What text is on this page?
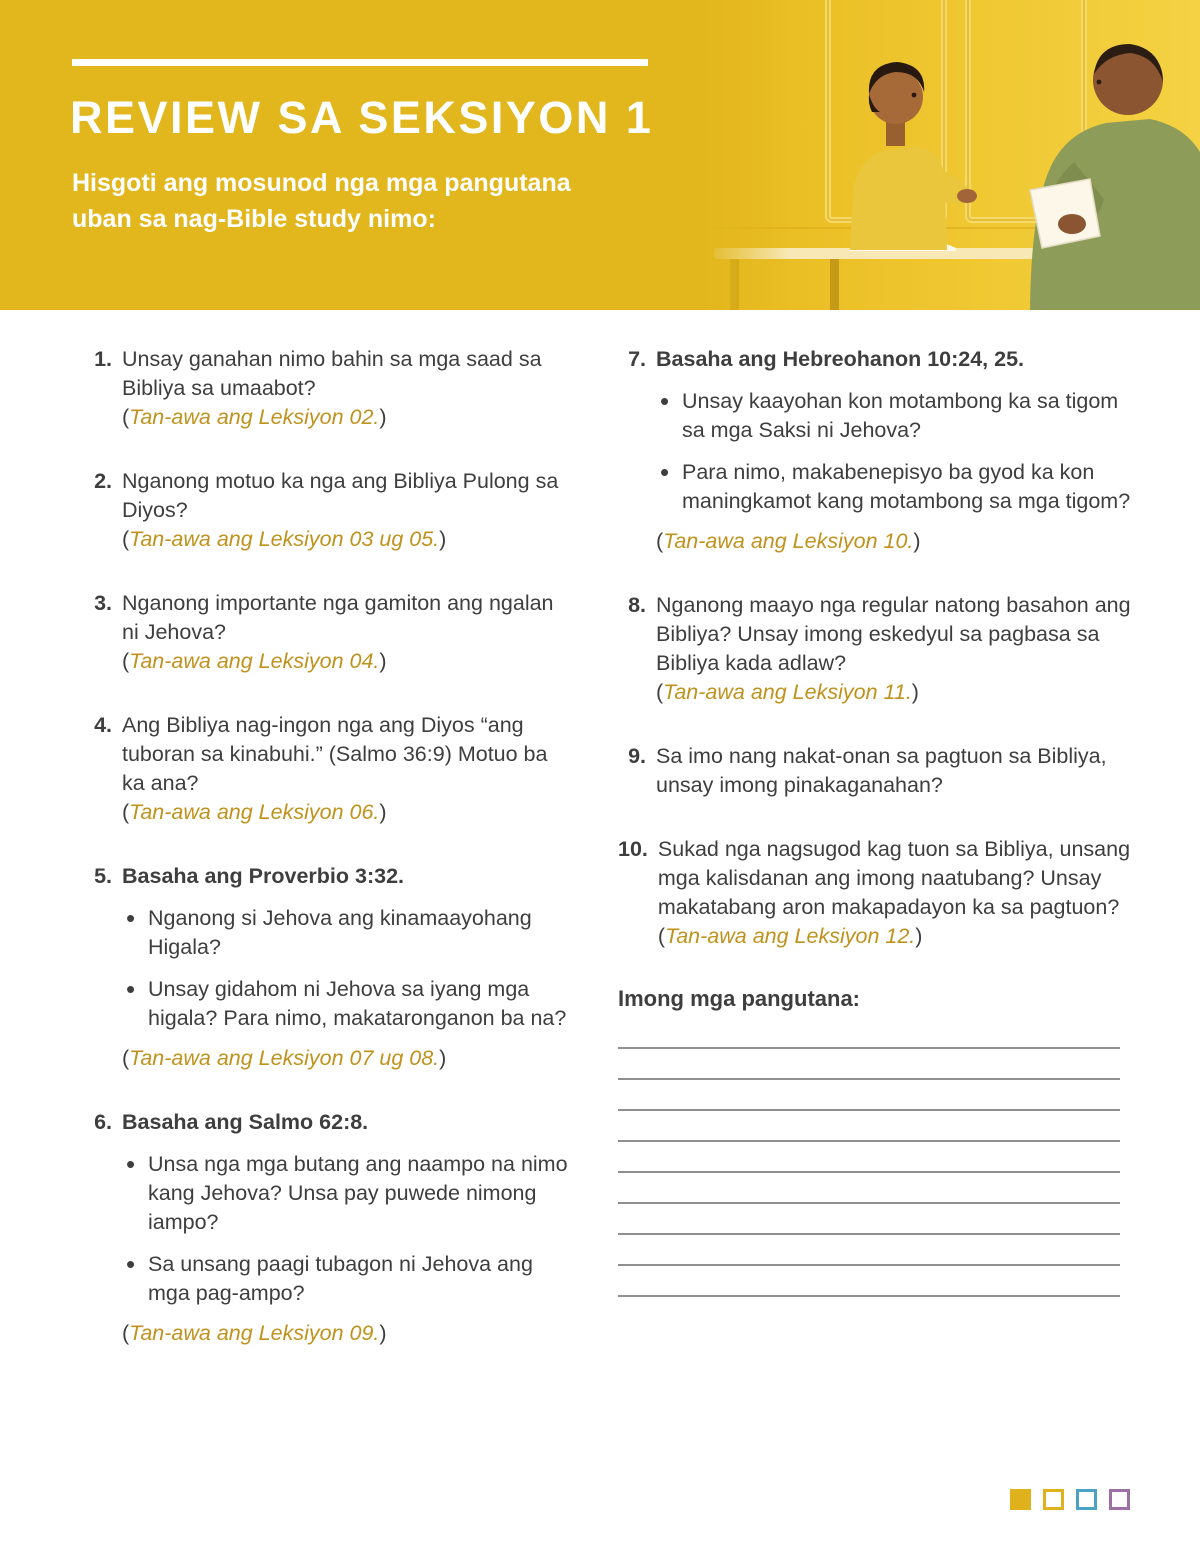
REVIEW SA SEKSIYON 1

Hisgoti ang mosunod nga mga pangutana uban sa nag-Bible study nimo:

1. Unsay ganahan nimo bahin sa mga saad sa Bibliya sa umaabot?

(Tan-awa ang Leksiyon 02.)

2. Nganong motuo ka nga ang Bibliya Pulong sa Diyos?

(Tan-awa ang Leksiyon 03 ug 05.)

3. Nganong importante nga gamiton ang ngalan ni Jehova?

(Tan-awa ang Leksiyon 04.)

4. Ang Bibliya nag-ingon nga ang Diyos “ang tuboran sa kinabuhi.” (Salmo 36:9) Motuo ba ka ana?

(Tan-awa ang Leksiyon 06.)

5. Basaha ang Proverbio 3:32.

• Nganong si Jehova ang kinamaayohang Higala?
• Unsay gidahom ni Jehova sa iyang mga higala? Para nimo, makataronganon ba na?

(Tan-awa ang Leksiyon 07 ug 08.)

6. Basaha ang Salmo 62:8.

• Unsa nga mga butang ang naampo na nimo kang Jehova? Unsa pay puwede nimong iampo?
• Sa unsang paagi tubagon ni Jehova ang mga pag-ampo?

(Tan-awa ang Leksiyon 09.)

7. Basaha ang Hebreohanon 10:24, 25.

• Unsay kaayohan kon motambong ka sa tigom sa mga Saksi ni Jehova?
• Para nimo, makabenepisyo ba gyod ka kon maningkamot kang motambong sa mga tigom?

(Tan-awa ang Leksiyon 10.)

8. Nganong maayo nga regular natong basahon ang Bibliya? Unsay imong eskedyul sa pagbasa sa Bibliya kada adlaw?

(Tan-awa ang Leksiyon 11.)

9. Sa imo nang nakat-onan sa pagtuon sa Bibliya, unsay imong pinakaganahan?

10. Sukad nga nagsugod kag tuon sa Bibliya, unsang mga kalisdanan ang imong naatubang? Unsay makatabang aron makapadayon ka sa pagtuon?

(Tan-awa ang Leksiyon 12.)

Imong mga pangutana:
